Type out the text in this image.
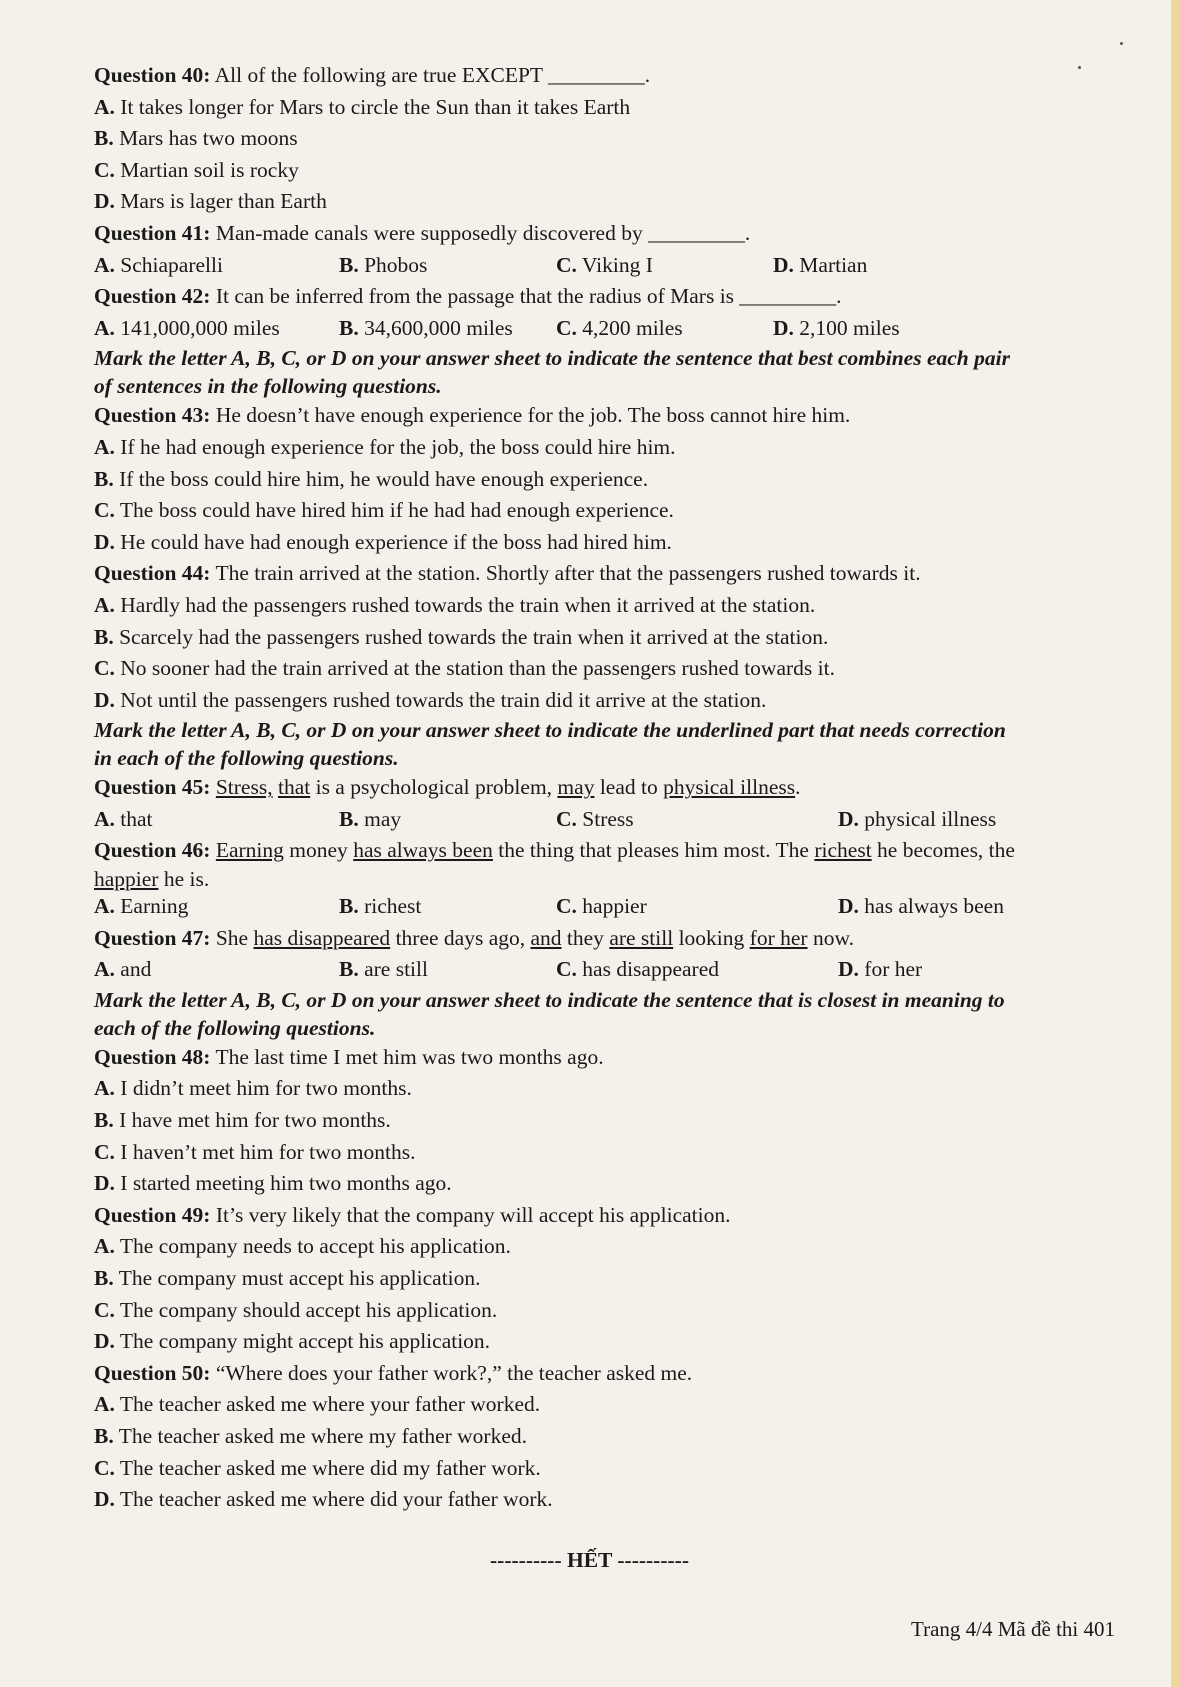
Question 40: All of the following are true EXCEPT _________.
A. It takes longer for Mars to circle the Sun than it takes Earth
B. Mars has two moons
C. Martian soil is rocky
D. Mars is lager than Earth
Question 41: Man-made canals were supposedly discovered by _________.
A. Schiaparelli	B. Phobos	C. Viking I	D. Martian
Question 42: It can be inferred from the passage that the radius of Mars is _________.
A. 141,000,000 miles	B. 34,600,000 miles	C. 4,200 miles	D. 2,100 miles
Mark the letter A, B, C, or D on your answer sheet to indicate the sentence that best combines each pair
of sentences in the following questions.
Question 43: He doesn’t have enough experience for the job. The boss cannot hire him.
A. If he had enough experience for the job, the boss could hire him.
B. If the boss could hire him, he would have enough experience.
C. The boss could have hired him if he had had enough experience.
D. He could have had enough experience if the boss had hired him.
Question 44: The train arrived at the station. Shortly after that the passengers rushed towards it.
A. Hardly had the passengers rushed towards the train when it arrived at the station.
B. Scarcely had the passengers rushed towards the train when it arrived at the station.
C. No sooner had the train arrived at the station than the passengers rushed towards it.
D. Not until the passengers rushed towards the train did it arrive at the station.
Mark the letter A, B, C, or D on your answer sheet to indicate the underlined part that needs correction
in each of the following questions.
Question 45: Stress, that is a psychological problem, may lead to physical illness.
A. that	B. may	C. Stress	D. physical illness
Question 46: Earning money has always been the thing that pleases him most. The richest he becomes, the
happier he is.
A. Earning	B. richest	C. happier	D. has always been
Question 47: She has disappeared three days ago, and they are still looking for her now.
A. and	B. are still	C. has disappeared	D. for her
Mark the letter A, B, C, or D on your answer sheet to indicate the sentence that is closest in meaning to
each of the following questions.
Question 48: The last time I met him was two months ago.
A. I didn’t meet him for two months.
B. I have met him for two months.
C. I haven’t met him for two months.
D. I started meeting him two months ago.
Question 49: It’s very likely that the company will accept his application.
A. The company needs to accept his application.
B. The company must accept his application.
C. The company should accept his application.
D. The company might accept his application.
Question 50: “Where does your father work?,” the teacher asked me.
A. The teacher asked me where your father worked.
B. The teacher asked me where my father worked.
C. The teacher asked me where did my father work.
D. The teacher asked me where did your father work.
---------- HẾT ----------
Trang 4/4 Mã đề thi 401
